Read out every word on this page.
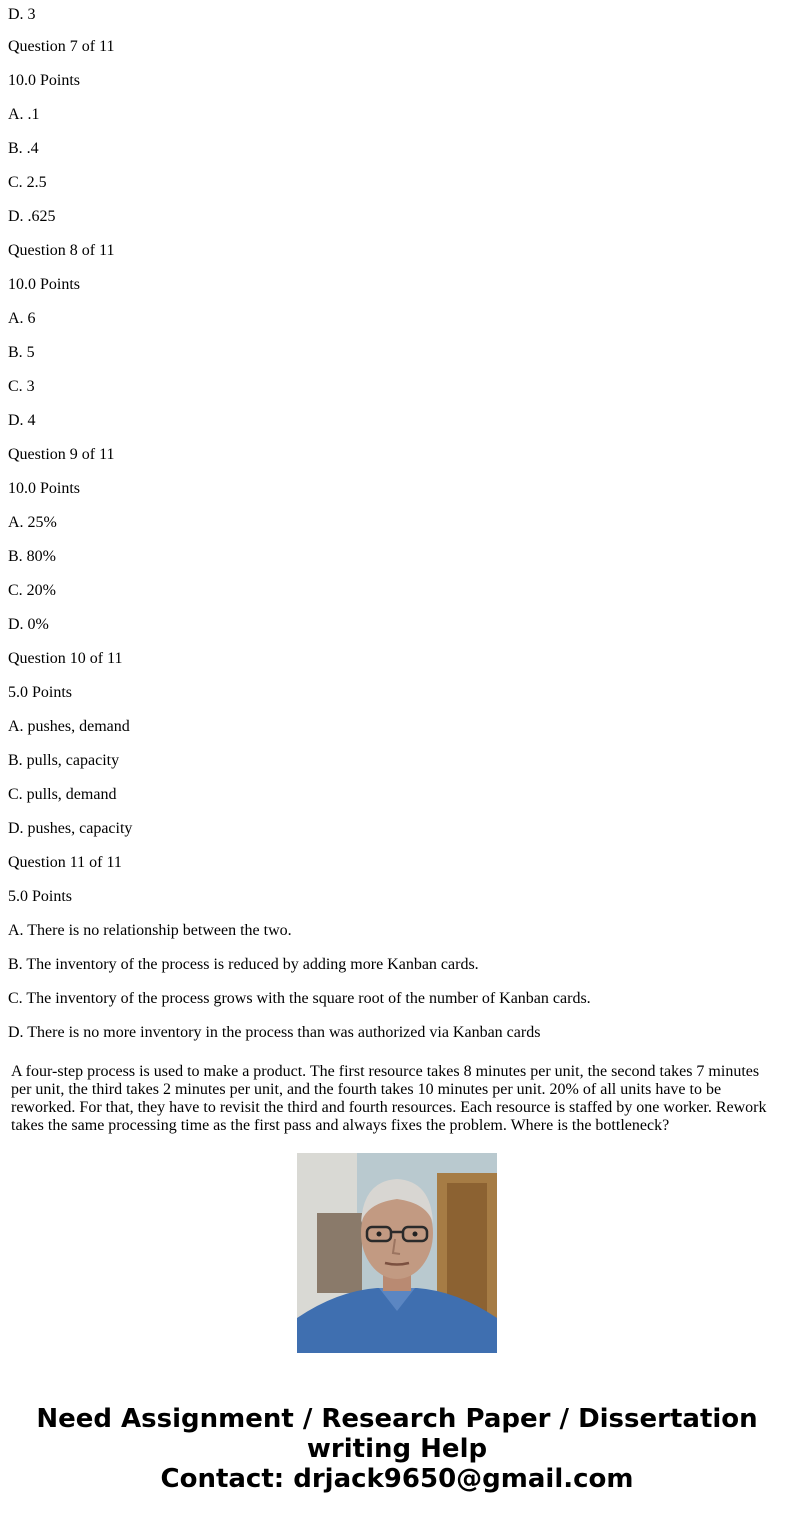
D. 3
Question 7 of 11
10.0 Points
A. .1
B. .4
C. 2.5
D. .625
Question 8 of 11
10.0 Points
A. 6
B. 5
C. 3
D. 4
Question 9 of 11
10.0 Points
A. 25%
B. 80%
C. 20%
D. 0%
Question 10 of 11
5.0 Points
A. pushes, demand
B. pulls, capacity
C. pulls, demand
D. pushes, capacity
Question 11 of 11
5.0 Points
A. There is no relationship between the two.
B. The inventory of the process is reduced by adding more Kanban cards.
C. The inventory of the process grows with the square root of the number of Kanban cards.
D. There is no more inventory in the process than was authorized via Kanban cards
A four-step process is used to make a product. The first resource takes 8 minutes per unit, the second takes 7 minutes per unit, the third takes 2 minutes per unit, and the fourth takes 10 minutes per unit. 20% of all units have to be reworked. For that, they have to revisit the third and fourth resources. Each resource is staffed by one worker. Rework takes the same processing time as the first pass and always fixes the problem. Where is the bottleneck?
Need Assignment / Research Paper / Dissertation
writing Help
Contact: drjack9650@gmail.com
